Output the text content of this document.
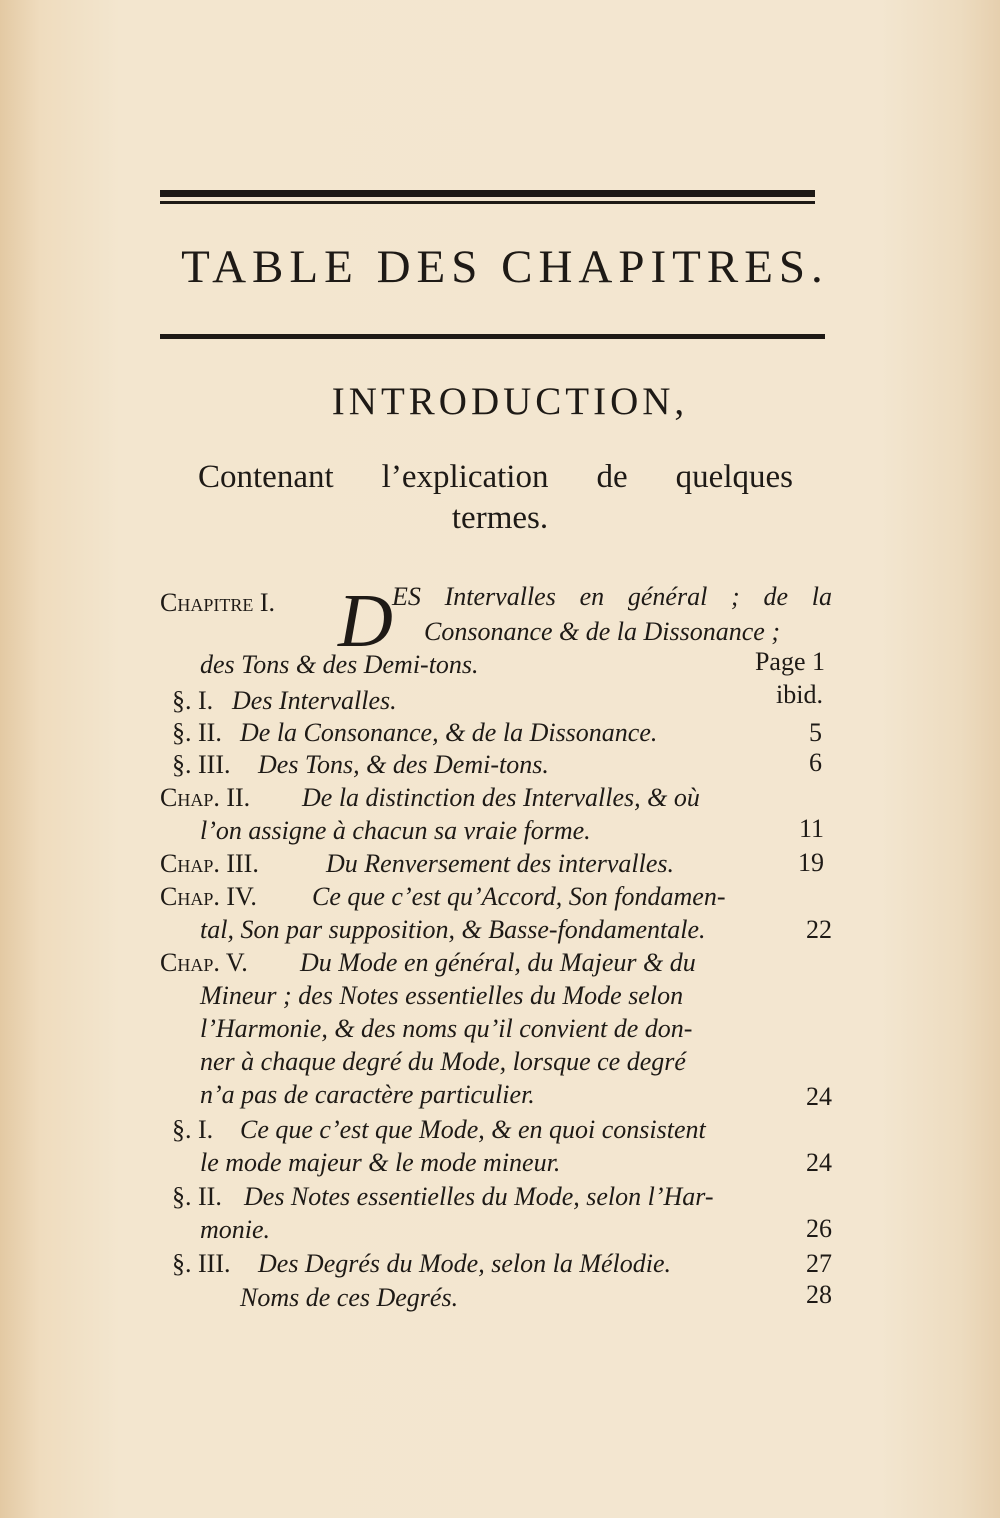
TABLE DES CHAPITRES.
INTRODUCTION,
Contenant l’explication de quelques
termes.
Chapitre I. D ES Intervalles en général ; de la
Consonance & de la Dissonance ;
des Tons & des Demi-tons.	Page 1
§. I. Des Intervalles.	ibid.
§. II. De la Consonance, & de la Dissonance.	5
§. III. Des Tons, & des Demi-tons.	6
Chap. II. De la distinction des Intervalles, & où
l’on assigne à chacun sa vraie forme.	11
Chap. III.	Du Renversement des intervalles.	19
Chap. IV. Ce que c’est qu’Accord, Son fondamen-
tal, Son par supposition, & Basse-fondamentale.	22
Chap. V. Du Mode en général, du Majeur & du
Mineur ; des Notes essentielles du Mode selon
l’Harmonie, & des noms qu’il convient de don-
ner à chaque degré du Mode, lorsque ce degré
n’a pas de caractère particulier.	24
§. I. Ce que c’est que Mode, & en quoi consistent
le mode majeur & le mode mineur.	24
§. II. Des Notes essentielles du Mode, selon l’Har-
monie.	26
§. III. Des Degrés du Mode, selon la Mélodie.	27
Noms de ces Degrés.	28
